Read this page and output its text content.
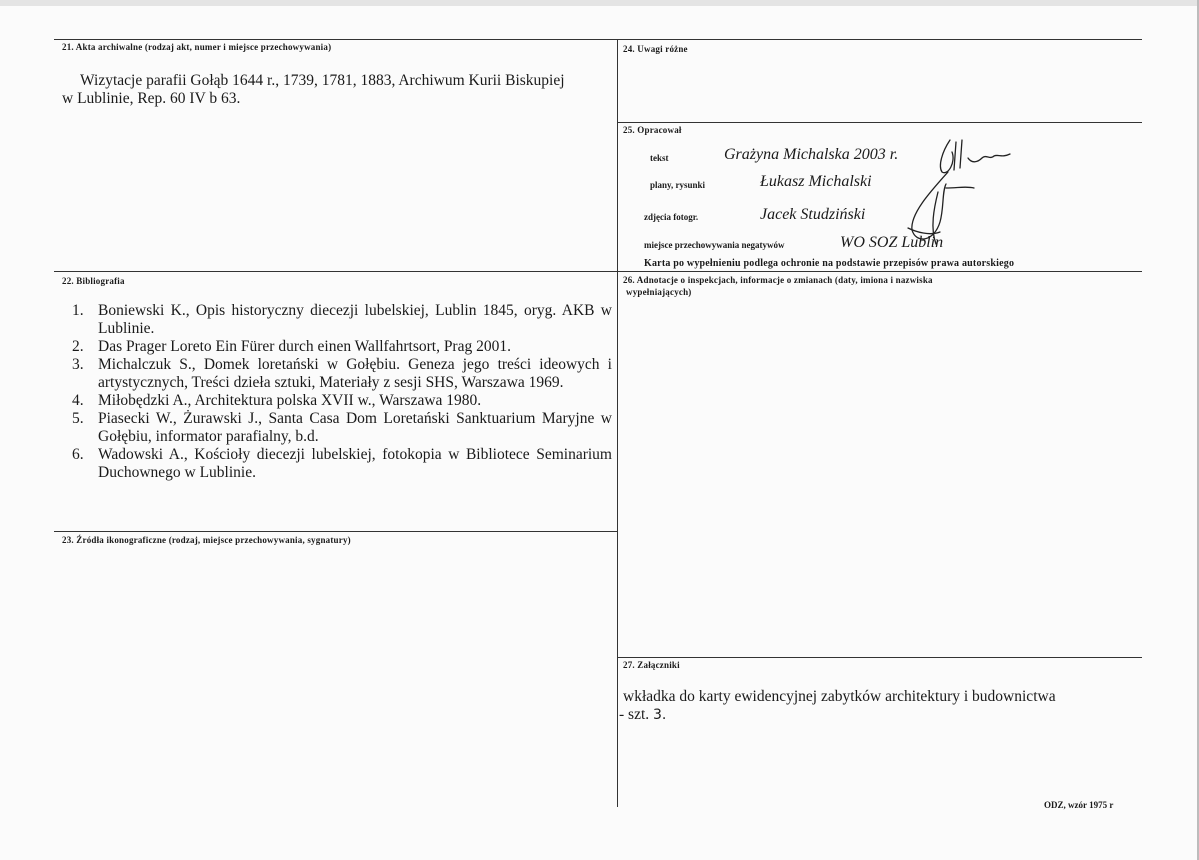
21. Akta archiwalne (rodzaj akt, numer i miejsce przechowywania)
Wizytacje parafii Gołąb 1644 r., 1739, 1781, 1883, Archiwum Kurii Biskupiej
w Lublinie, Rep. 60 IV b 63.
24. Uwagi różne
25. Opracował
tekst	Grażyna Michalska 2003 r.
plany, rysunki	Łukasz Michalski
zdjęcia fotogr.	Jacek Studziński
miejsce przechowywania negatywów	WO SOZ Lublin
Karta po wypełnieniu podlega ochronie na podstawie przepisów prawa autorskiego
22. Bibliografia
1. Boniewski K., Opis historyczny diecezji lubelskiej, Lublin 1845, oryg. AKB w Lublinie.
2. Das Prager Loreto Ein Fürer durch einen Wallfahrtsort, Prag 2001.
3. Michalczuk S., Domek loretański w Gołębiu. Geneza jego treści ideowych i artystycznych, Treści dzieła sztuki, Materiały z sesji SHS, Warszawa 1969.
4. Miłobędzki A., Architektura polska XVII w., Warszawa 1980.
5. Piasecki W., Żurawski J., Santa Casa Dom Loretański Sanktuarium Maryjne w Gołębiu, informator parafialny, b.d.
6. Wadowski A., Kościoły diecezji lubelskiej, fotokopia w Bibliotece Seminarium Duchownego w Lublinie.
26. Adnotacje o inspekcjach, informacje o zmianach (daty, imiona i nazwiska
wypełniających)
23. Źródła ikonograficzne (rodzaj, miejsce przechowywania, sygnatury)
27. Załączniki
wkładka do karty ewidencyjnej zabytków architektury i budownictwa
- szt. 3.
ODZ, wzór 1975 r
